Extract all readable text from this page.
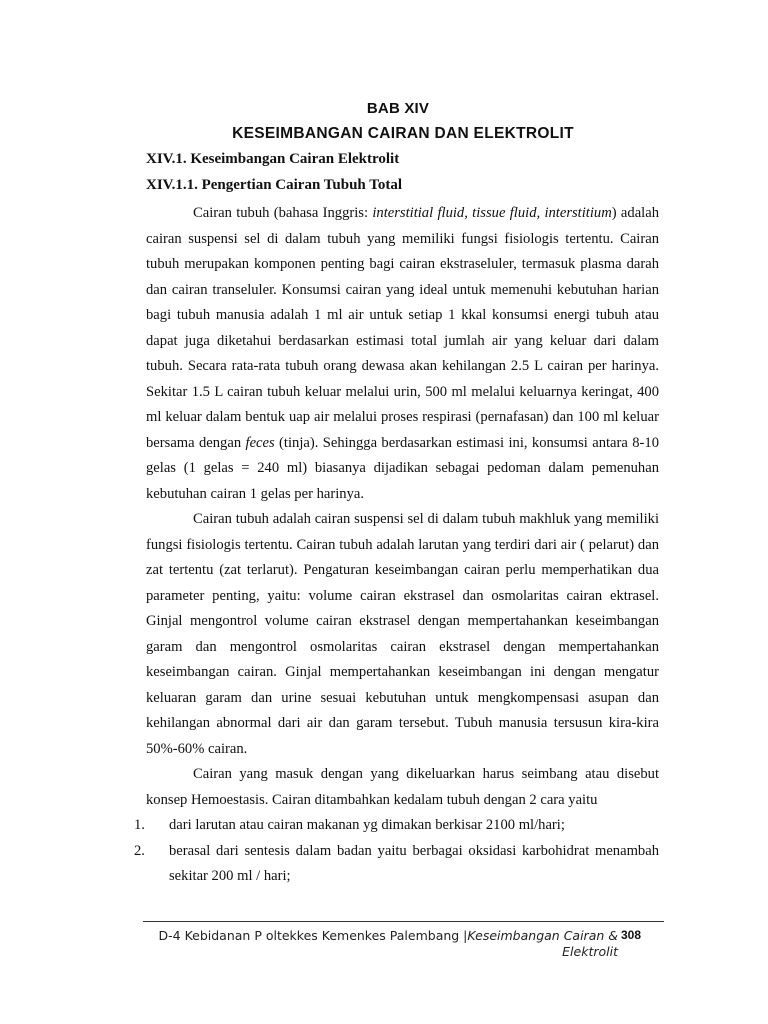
BAB XIV
KESEIMBANGAN CAIRAN DAN ELEKTROLIT
XIV.1. Keseimbangan Cairan Elektrolit
XIV.1.1. Pengertian Cairan Tubuh Total

Cairan tubuh (bahasa Inggris: interstitial fluid, tissue fluid, interstitium) adalah cairan suspensi sel di dalam tubuh yang memiliki fungsi fisiologis tertentu. Cairan tubuh merupakan komponen penting bagi cairan ekstraseluler, termasuk plasma darah dan cairan transeluler. Konsumsi cairan yang ideal untuk memenuhi kebutuhan harian bagi tubuh manusia adalah 1 ml air untuk setiap 1 kkal konsumsi energi tubuh atau dapat juga diketahui berdasarkan estimasi total jumlah air yang keluar dari dalam tubuh. Secara rata-rata tubuh orang dewasa akan kehilangan 2.5 L cairan per harinya. Sekitar 1.5 L cairan tubuh keluar melalui urin, 500 ml melalui keluarnya keringat, 400 ml keluar dalam bentuk uap air melalui proses respirasi (pernafasan) dan 100 ml keluar bersama dengan feces (tinja). Sehingga berdasarkan estimasi ini, konsumsi antara 8-10 gelas (1 gelas = 240 ml) biasanya dijadikan sebagai pedoman dalam pemenuhan kebutuhan cairan 1 gelas per harinya.

Cairan tubuh adalah cairan suspensi sel di dalam tubuh makhluk yang memiliki fungsi fisiologis tertentu. Cairan tubuh adalah larutan yang terdiri dari air ( pelarut) dan zat tertentu (zat terlarut). Pengaturan keseimbangan cairan perlu memperhatikan dua parameter penting, yaitu: volume cairan ekstrasel dan osmolaritas cairan ektrasel. Ginjal mengontrol volume cairan ekstrasel dengan mempertahankan keseimbangan garam dan mengontrol osmolaritas cairan ekstrasel dengan mempertahankan keseimbangan cairan. Ginjal mempertahankan keseimbangan ini dengan mengatur keluaran garam dan urine sesuai kebutuhan untuk mengkompensasi asupan dan kehilangan abnormal dari air dan garam tersebut. Tubuh manusia tersusun kira-kira 50%-60% cairan.

Cairan yang masuk dengan yang dikeluarkan harus seimbang atau disebut konsep Hemoestasis. Cairan ditambahkan kedalam tubuh dengan 2 cara yaitu

1. dari larutan atau cairan makanan yg dimakan berkisar 2100 ml/hari;
2. berasal dari sentesis dalam badan yaitu berbagai oksidasi karbohidrat menambah sekitar 200 ml / hari;
D-4 Kebidanan P oltekkes Kemenkes Palembang |Keseimbangan Cairan & Elektrolit
308
